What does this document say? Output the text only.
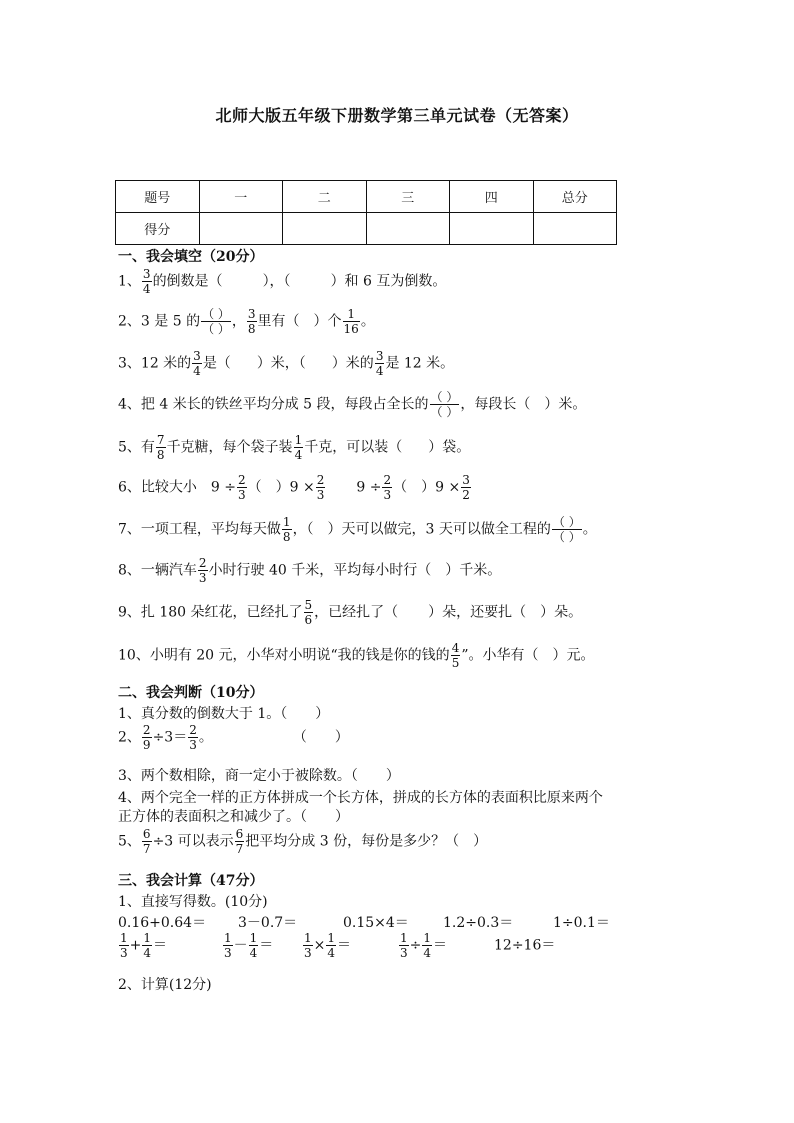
北师大版五年级下册数学第三单元试卷（无答案）
题号	一	二	三	四	总分
得分					
一、我会填空（20分）
1、 $\frac{3}{4}$ 的倒数是（	），（	）和 6 互为倒数。
2、3 是 5 的 $\frac{( )}{( )}$ ， $\frac{3}{8}$ 里有（　）个 $\frac{1}{16}$ 。
3、12 米的 $\frac{3}{4}$ 是（ ）米，（ ）米的 $\frac{3}{4}$ 是 12 米。
4、把 4 米长的铁丝平均分成 5 段，每段占全长的 $\frac{( )}{( )}$ ，每段长（　）米。
5、有 $\frac{7}{8}$ 千克糖，每个袋子装 $\frac{1}{4}$ 千克，可以装（ ）袋。
6、比较大小 $9 \div \frac{2}{3}$ （　）$9 \times \frac{2}{3} 9 \div \frac{2}{3}$ （　）$9 \times \frac{3}{2}$
7、一项工程，平均每天做 $\frac{1}{8}$ ，（　）天可以做完，3 天可以做全工程的 $\frac{( )}{( )}$ 。
8、一辆汽车 $\frac{2}{3}$ 小时行驶 40 千米，平均每小时行（　）千米。
9、扎 180 朵红花，已经扎了 $\frac{5}{6}$ ，已经扎了（ ）朵，还要扎（　）朵。
10、小明有 20 元，小华对小明说“我的钱是你的钱的 $\frac{4}{5}$ ”。小华有（　）元。
二、我会判断（10分）
1、真分数的倒数大于 1。（　　）
2、 $\frac{2}{9} \div 3= \frac{2}{3}$ 。	（　　）
3、两个数相除，商一定小于被除数。（　　）
4、两个完全一样的正方体拼成一个长方体，拼成的长方体的表面积比原来两个
正方体的表面积之和减少了。（　　）
5、 $\frac{6}{7} \div 3$ 可以表示 $\frac{6}{7}$ 把平均分成 3 份，每份是多少？（　）
三、我会计算（47分）
1、直接写得数。(10分)
0.16+0.64＝ 3－0.7＝	0.15×4＝ 1.2÷0.3＝	1÷0.1＝
$\frac{1}{3} + \frac{1}{4}$ ＝	$\frac{1}{3} - \frac{1}{4} = \frac{1}{3} \times \frac{1}{4}$ ＝	$\frac{1}{3} \div \frac{1}{4}$ ＝	12÷16＝
2、计算(12分)
